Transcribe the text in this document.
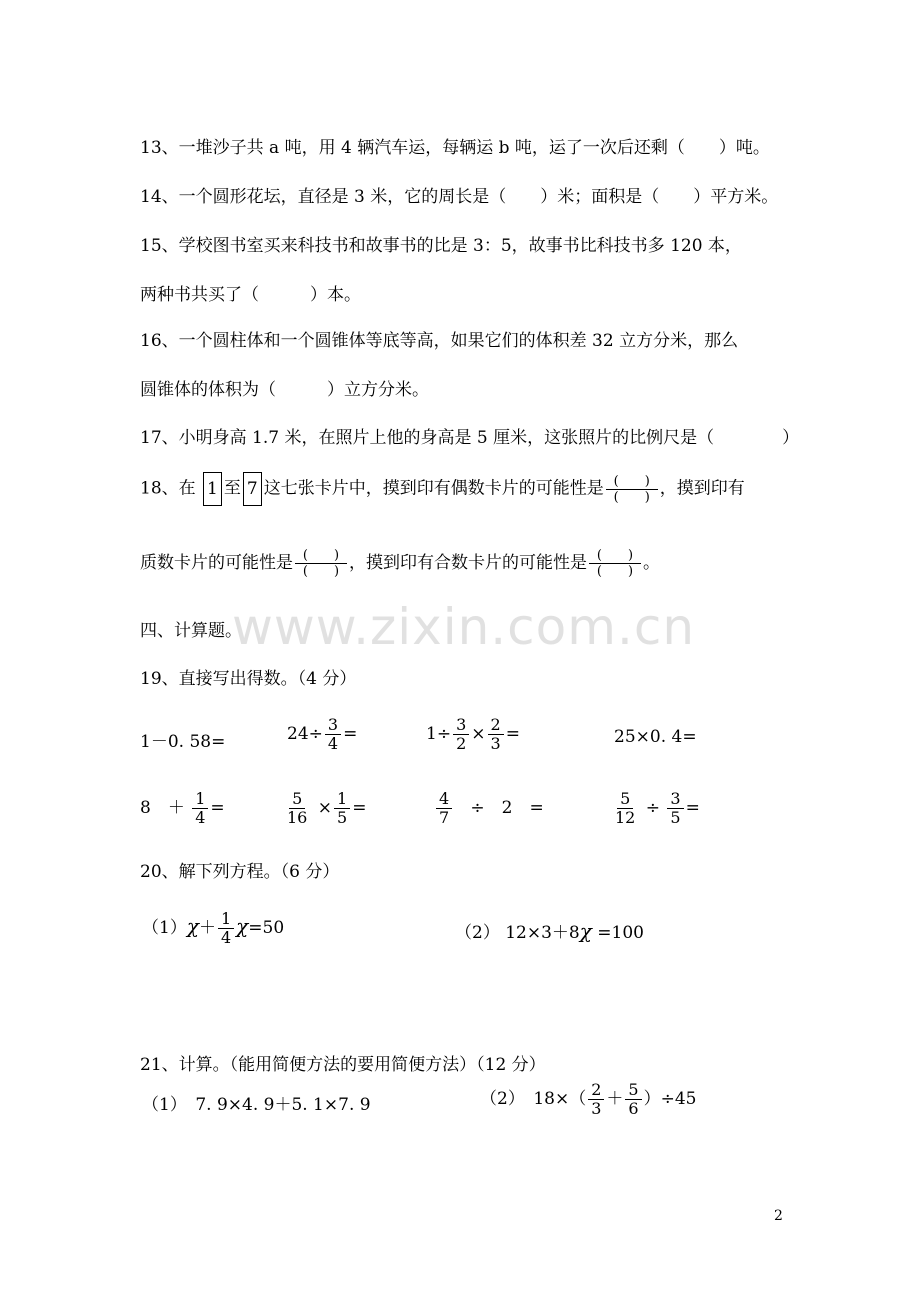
www.zixin.com.cn
13、一堆沙子共 a 吨，用 4 辆汽车运，每辆运 b 吨，运了一次后还剩（　　）吨。
14、一个圆形花坛，直径是 3 米，它的周长是（　　）米；面积是（　　）平方米。
15、学校图书室买来科技书和故事书的比是 3：5，故事书比科技书多 120 本，
两种书共买了（　　　）本。
16、一个圆柱体和一个圆锥体等底等高，如果它们的体积差 32 立方分米，那么
圆锥体的体积为（　　　）立方分米。
17、小明身高 1.7 米，在照片上他的身高是 5 厘米，这张照片的比例尺是（　　　　）
18、在 1 至 7 这七张卡片中，摸到印有偶数卡片的可能性是 $\frac{( )}{( )}$ ，摸到印有
质数卡片的可能性是 $\frac{( )}{( )}$ ，摸到印有合数卡片的可能性是 $\frac{( )}{( )}$ 。
四、计算题。
19、直接写出得数。（4 分）
1－0. 58=	$24\div \frac{3}{4}$ =	$1\div \frac{3}{2} \times \frac{2}{3}$ =	25×0. 4=
8　＋ $\frac{1}{4}$ =	$\frac{5}{16} \times \frac{1}{5}$ =	$\frac{4}{7}$ ÷　2　=	$\frac{5}{12} \div \frac{3}{5}$ =
20、解下列方程。（6 分）
$(1)\chi+ \frac{1}{4} \chi=50$	（2） 12×3＋8χ =100
21、计算。（能用简便方法的要用简便方法）（12 分）
（1）　7. 9×4. 9＋5. 1×7. 9	（2）　$18\times( \frac{2}{3} + \frac{5}{6} )\div 45$
2
